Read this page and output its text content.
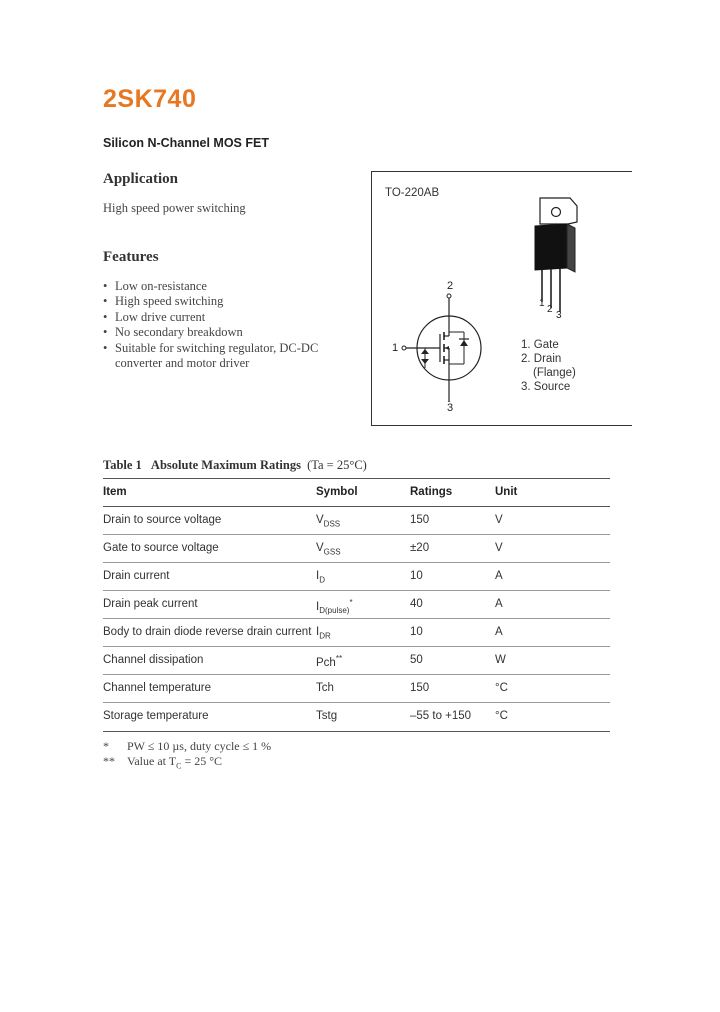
2SK740
Silicon N-Channel MOS FET
Application
High speed power switching
Features
• Low on-resistance
• High speed switching
• Low drive current
• No secondary breakdown
• Suitable for switching regulator, DC-DC converter and motor driver
TO-220AB
1
2
3
2
1
3
1. Gate
2. Drain
(Flange)
3. Source
Table 1 Absolute Maximum Ratings (Ta = 25°C)
Item	Symbol	Ratings	Unit
Drain to source voltage	$V_{DSS}$	150	V
Gate to source voltage	$V_{GSS}$	±20	V
Drain current	$I_D$	10	A
Drain peak current	$I_{D(pulse)}^*$	40	A
Body to drain diode reverse drain current $I_{DR}$	10	A
Channel dissipation	Pch**	50	W
Channel temperature	Tch	150	°C
Storage temperature	Tstg	–55 to +150 °C
* PW ≤ 10 µs, duty cycle ≤ 1 %
** Value at $T_C = 25$ °C
